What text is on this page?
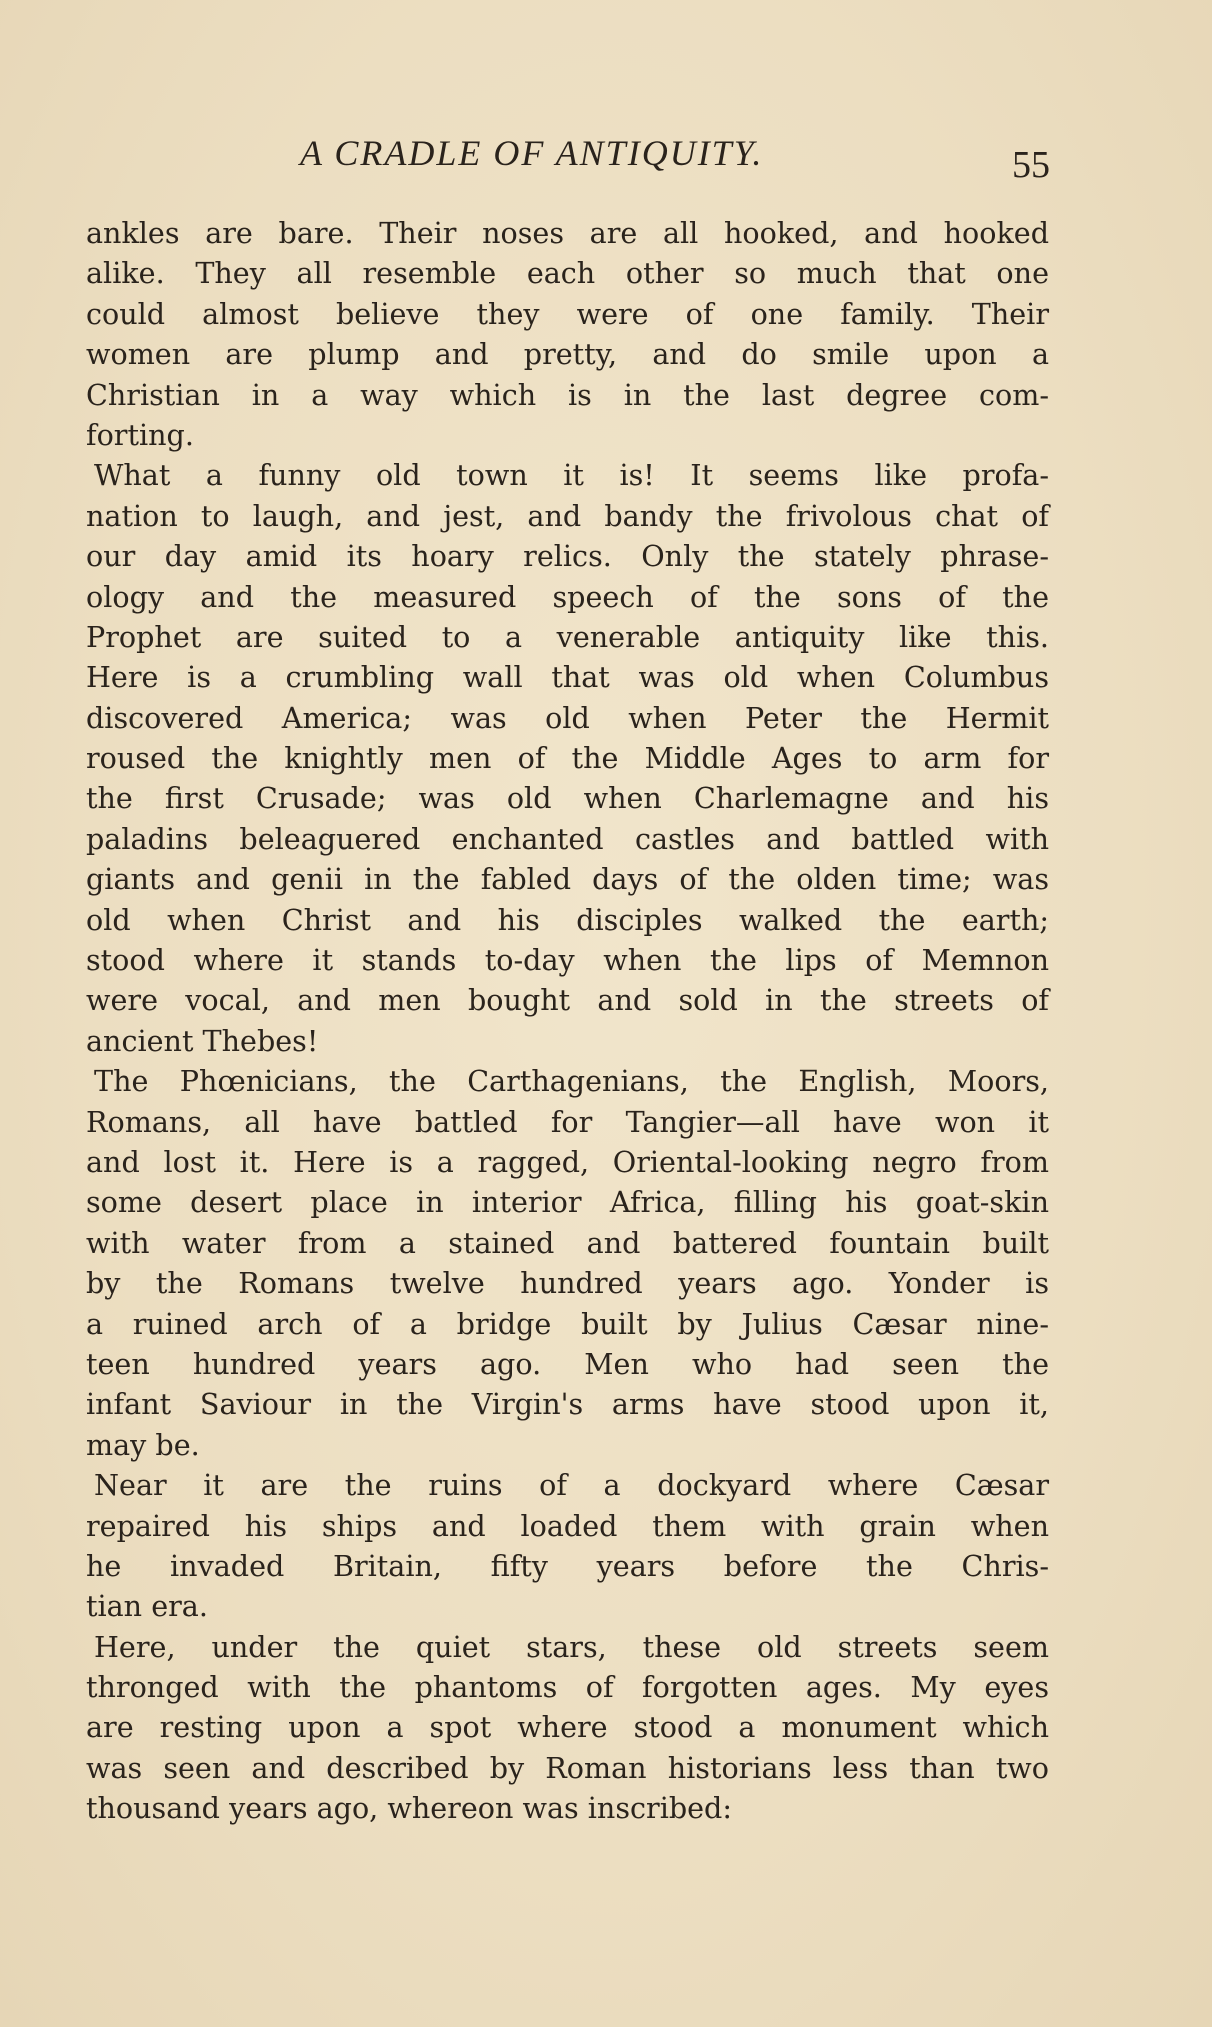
A CRADLE OF ANTIQUITY.	55
ankles are bare. Their noses are all hooked, and hooked
alike. They all resemble each other so much that one
could almost believe they were of one family. Their
women are plump and pretty, and do smile upon a
Christian in a way which is in the last degree com-
forting.
What a funny old town it is! It seems like profa-
nation to laugh, and jest, and bandy the frivolous chat of
our day amid its hoary relics. Only the stately phrase-
ology and the measured speech of the sons of the
Prophet are suited to a venerable antiquity like this.
Here is a crumbling wall that was old when Columbus
discovered America; was old when Peter the Hermit
roused the knightly men of the Middle Ages to arm for
the first Crusade; was old when Charlemagne and his
paladins beleaguered enchanted castles and battled with
giants and genii in the fabled days of the olden time; was
old when Christ and his disciples walked the earth;
stood where it stands to-day when the lips of Memnon
were vocal, and men bought and sold in the streets of
ancient Thebes!
The Phœnicians, the Carthagenians, the English, Moors,
Romans, all have battled for Tangier—all have won it
and lost it. Here is a ragged, Oriental-looking negro from
some desert place in interior Africa, filling his goat-skin
with water from a stained and battered fountain built
by the Romans twelve hundred years ago. Yonder is
a ruined arch of a bridge built by Julius Cæsar nine-
teen hundred years ago. Men who had seen the
infant Saviour in the Virgin's arms have stood upon it,
may be.
Near it are the ruins of a dockyard where Cæsar
repaired his ships and loaded them with grain when
he invaded Britain, fifty years before the Chris-
tian era.
Here, under the quiet stars, these old streets seem
thronged with the phantoms of forgotten ages. My eyes
are resting upon a spot where stood a monument which
was seen and described by Roman historians less than two
thousand years ago, whereon was inscribed:
